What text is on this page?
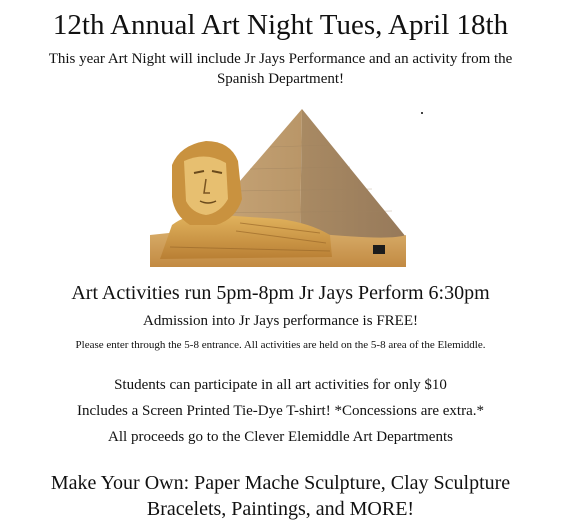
12th Annual Art Night Tues, April 18th
This year Art Night will include Jr Jays Performance and an activity from the
Spanish Department!
Art Activities run 5pm-8pm Jr Jays Perform 6:30pm
Admission into Jr Jays performance is FREE!
Please enter through the 5-8 entrance. All activities are held on the 5-8 area of the Elemiddle.
Students can participate in all art activities for only $10
Includes a Screen Printed Tie-Dye T-shirt! *Concessions are extra.*
All proceeds go to the Clever Elemiddle Art Departments
Make Your Own: Paper Mache Sculpture, Clay Sculpture
Bracelets, Paintings, and MORE!
